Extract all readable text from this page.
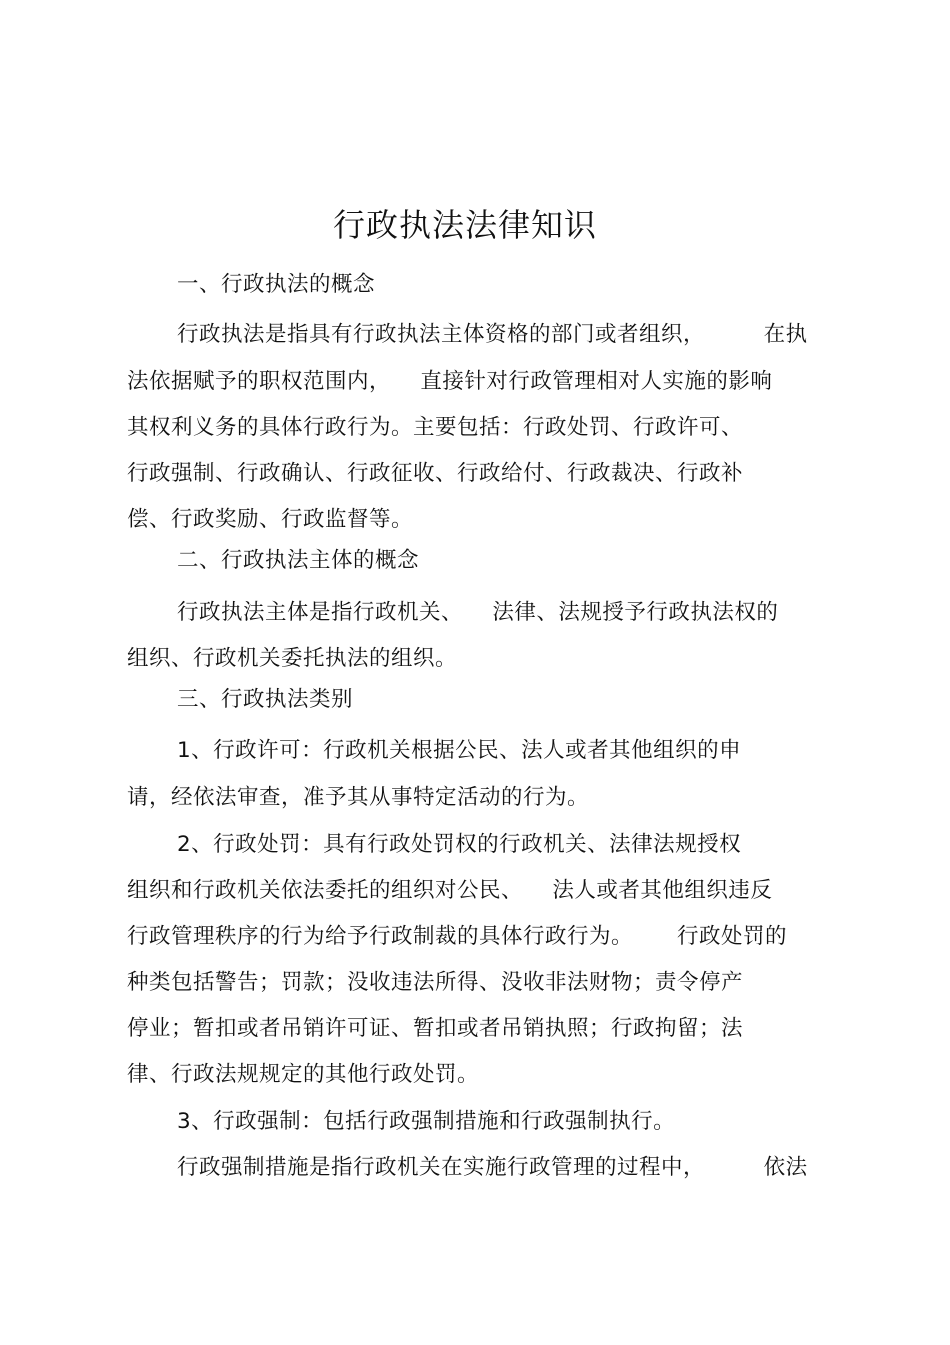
行政执法法律知识
一、行政执法的概念
行政执法是指具有行政执法主体资格的部门或者组织，        在执
法依据赋予的职权范围内，    直接针对行政管理相对人实施的影响
其权利义务的具体行政行为。主要包括：行政处罚、行政许可、
行政强制、行政确认、行政征收、行政给付、行政裁决、行政补
偿、行政奖励、行政监督等。
二、行政执法主体的概念
行政执法主体是指行政机关、    法律、法规授予行政执法权的
组织、行政机关委托执法的组织。
三、行政执法类别
1、行政许可：行政机关根据公民、法人或者其他组织的申
请，经依法审查，准予其从事特定活动的行为。
2、行政处罚：具有行政处罚权的行政机关、法律法规授权
组织和行政机关依法委托的组织对公民、    法人或者其他组织违反
行政管理秩序的行为给予行政制裁的具体行政行为。      行政处罚的
种类包括警告；罚款；没收违法所得、没收非法财物；责令停产
停业；暂扣或者吊销许可证、暂扣或者吊销执照；行政拘留；法
律、行政法规规定的其他行政处罚。
3、行政强制：包括行政强制措施和行政强制执行。
行政强制措施是指行政机关在实施行政管理的过程中，        依法
